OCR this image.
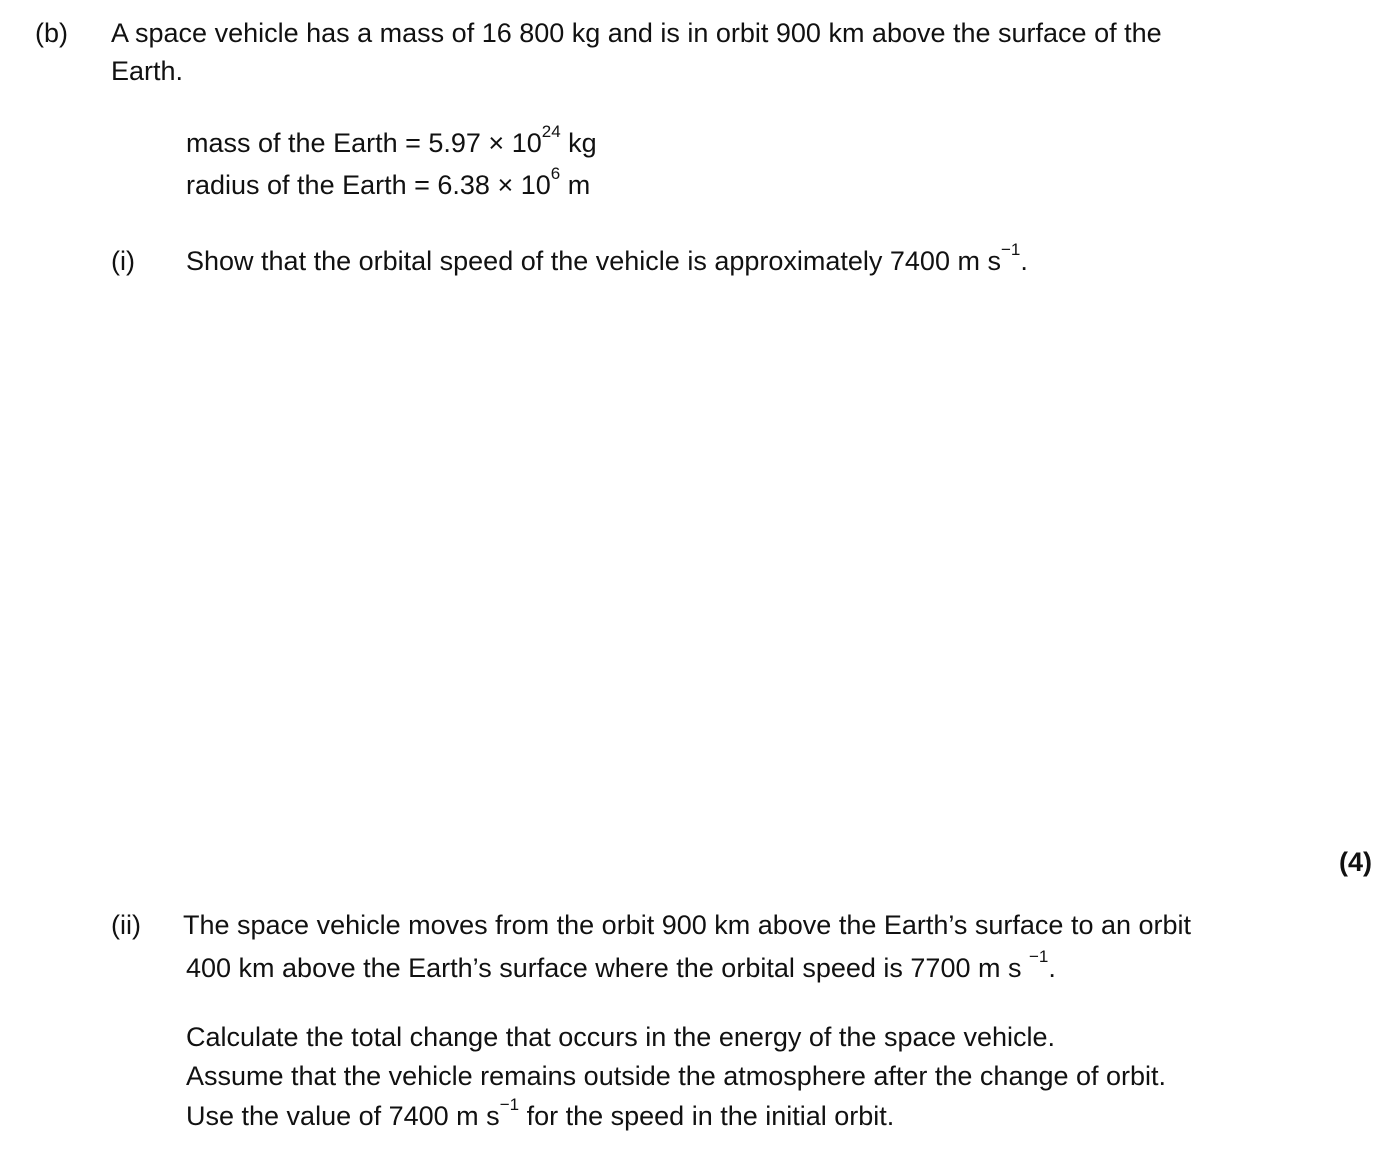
(b) A space vehicle has a mass of 16 800 kg and is in orbit 900 km above the surface of the
Earth.
mass of the Earth = $5.97 \times 10^{24}$ kg
radius of the Earth = $6.38 \times 10^6$ m
(i) Show that the orbital speed of the vehicle is approximately 7400 m $s^{-1}$.
(4)
(ii) The space vehicle moves from the orbit 900 km above the Earth’s surface to an orbit
400 km above the Earth’s surface where the orbital speed is 7700 m s $^{-1}$.
Calculate the total change that occurs in the energy of the space vehicle.
Assume that the vehicle remains outside the atmosphere after the change of orbit.
Use the value of 7400 m $s^{-1}$ for the speed in the initial orbit.
